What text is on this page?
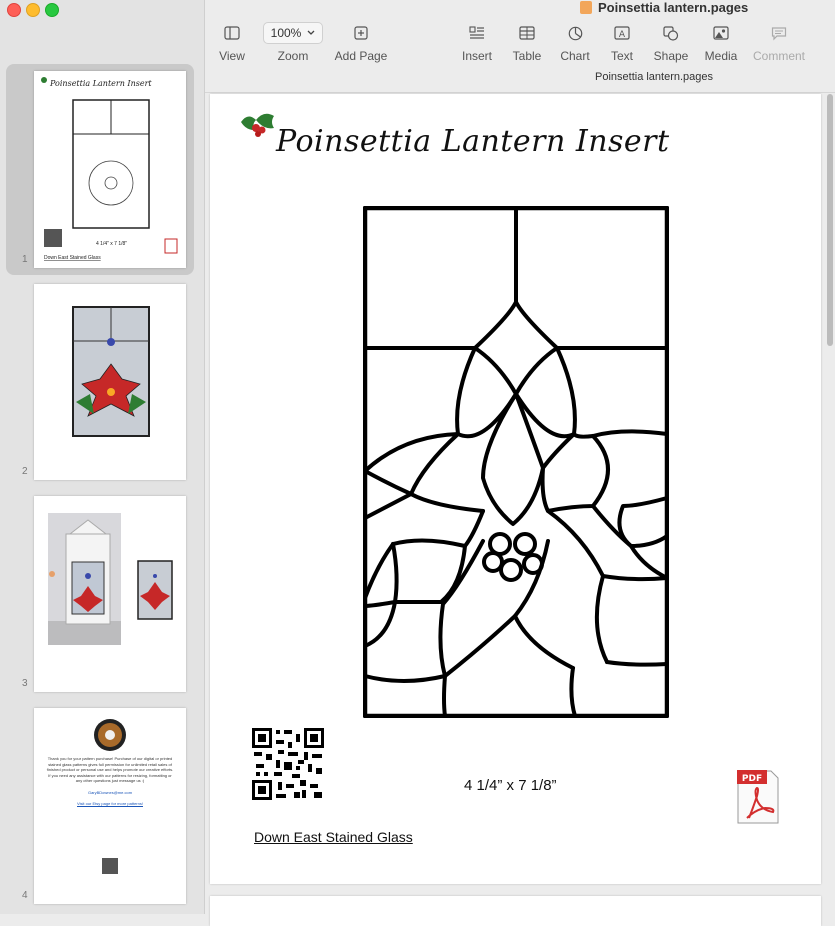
Poinsettia Lantern Insert
4 1/4" x 7 1/8"
Down East Stained Glass
1
2
3
Thank you for your pattern purchase! Purchase of our digital or printed stained glass patterns gives full permission for unlimited retail sales of finished product or personal use and helps promote our creative efforts. If you need any assistance with our patterns for resizing, formatting or any other questions just message us :)
GaryBDownes@me.com
Visit our Etsy page for more patterns!
4
Poinsettia lantern.pages
View
100%
Zoom	Add Page	Insert Table Chart
A
Text	Shape Media Comment
Poinsettia lantern.pages
Poinsettia Lantern Insert
4 1/4” x 7 1/8”	PDF
Down East Stained Glass
